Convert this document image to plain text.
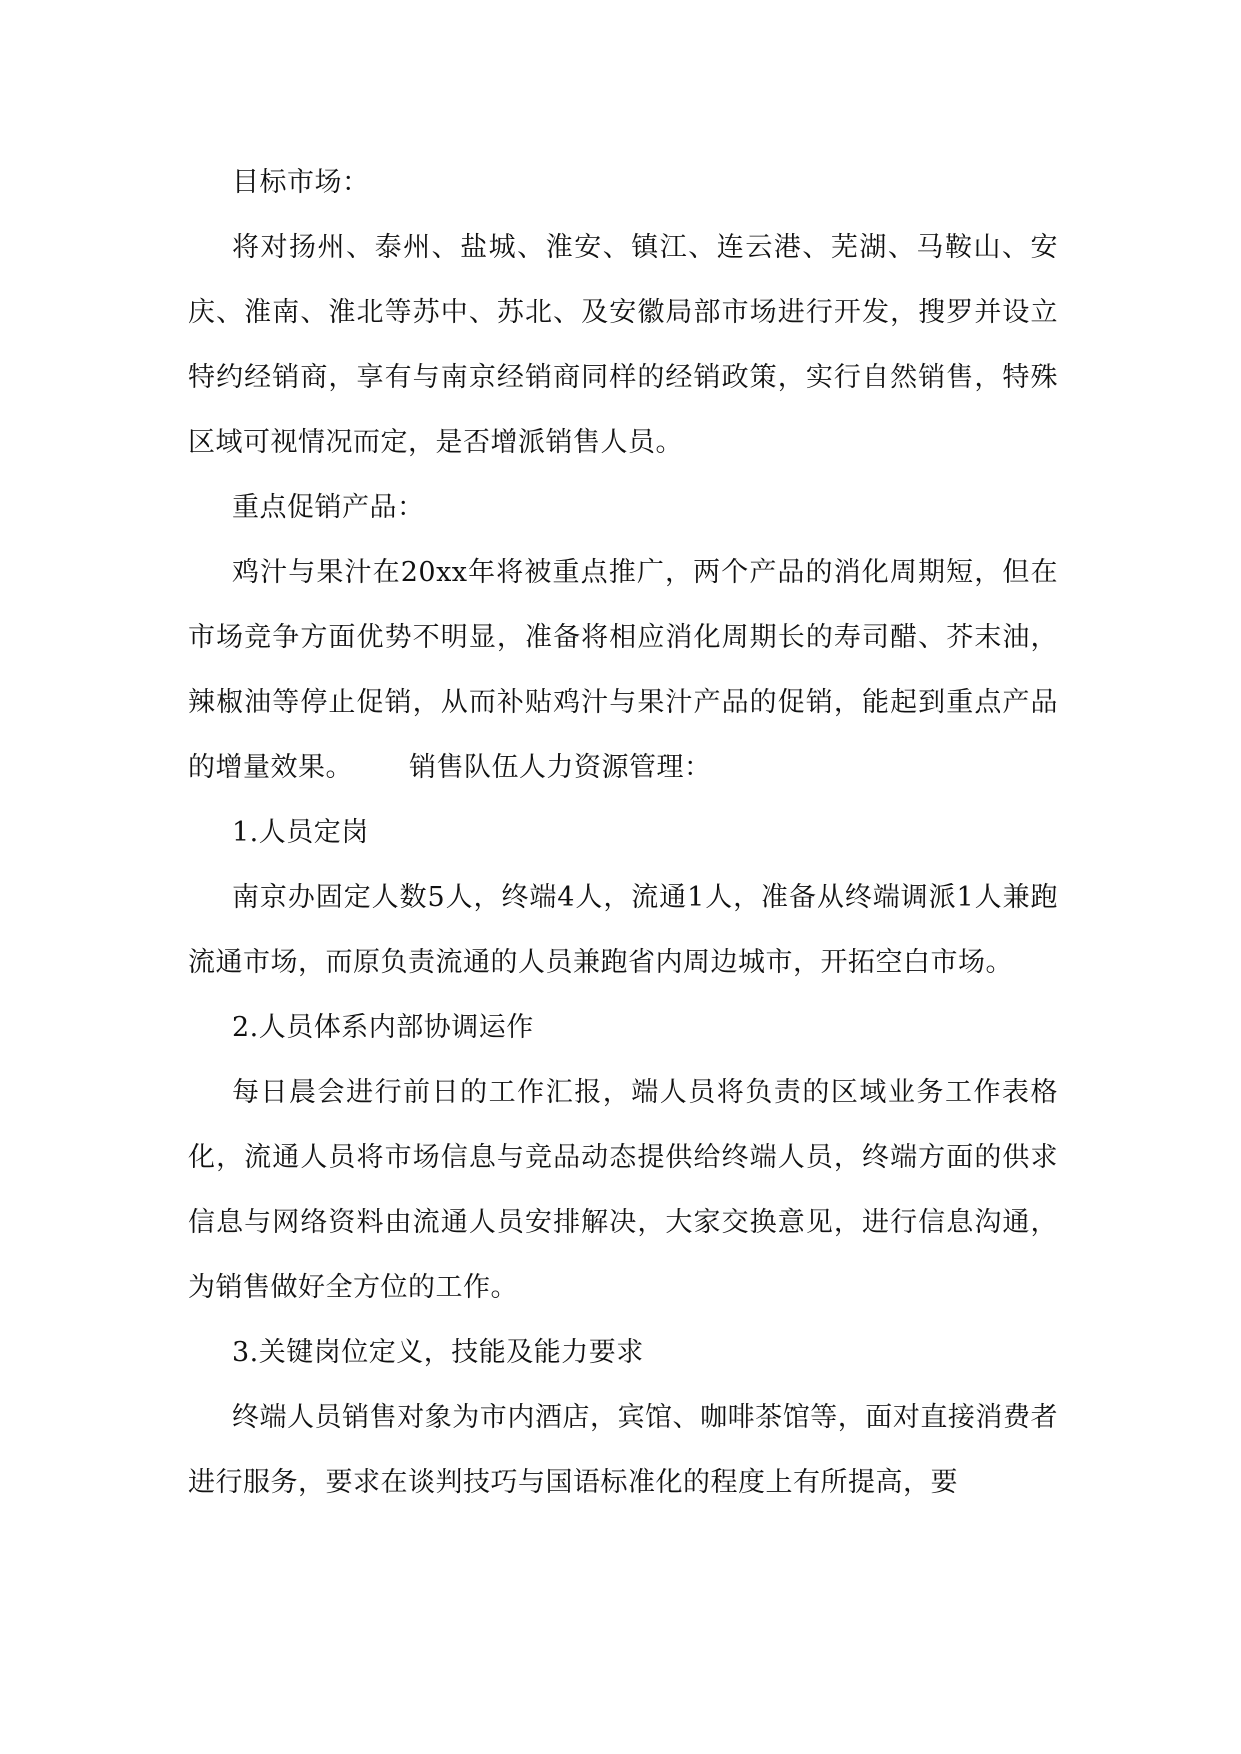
目标市场：

将对扬州、泰州、盐城、淮安、镇江、连云港、芜湖、马鞍山、安庆、淮南、淮北等苏中、苏北、及安徽局部市场进行开发，搜罗并设立特约经销商，享有与南京经销商同样的经销政策，实行自然销售，特殊区域可视情况而定，是否增派销售人员。

重点促销产品：

鸡汁与果汁在20xx年将被重点推广，两个产品的消化周期短，但在市场竞争方面优势不明显，准备将相应消化周期长的寿司醋、芥末油，辣椒油等停止促销，从而补贴鸡汁与果汁产品的促销，能起到重点产品的增量效果。 销售队伍人力资源管理：

1.人员定岗

南京办固定人数5人，终端4人，流通1人，准备从终端调派1人兼跑流通市场，而原负责流通的人员兼跑省内周边城市，开拓空白市场。

2.人员体系内部协调运作

每日晨会进行前日的工作汇报，端人员将负责的区域业务工作表格化，流通人员将市场信息与竞品动态提供给终端人员，终端方面的供求信息与网络资料由流通人员安排解决，大家交换意见，进行信息沟通，为销售做好全方位的工作。

3.关键岗位定义，技能及能力要求

终端人员销售对象为市内酒店，宾馆、咖啡茶馆等，面对直接消费者进行服务，要求在谈判技巧与国语标准化的程度上有所提高，要
